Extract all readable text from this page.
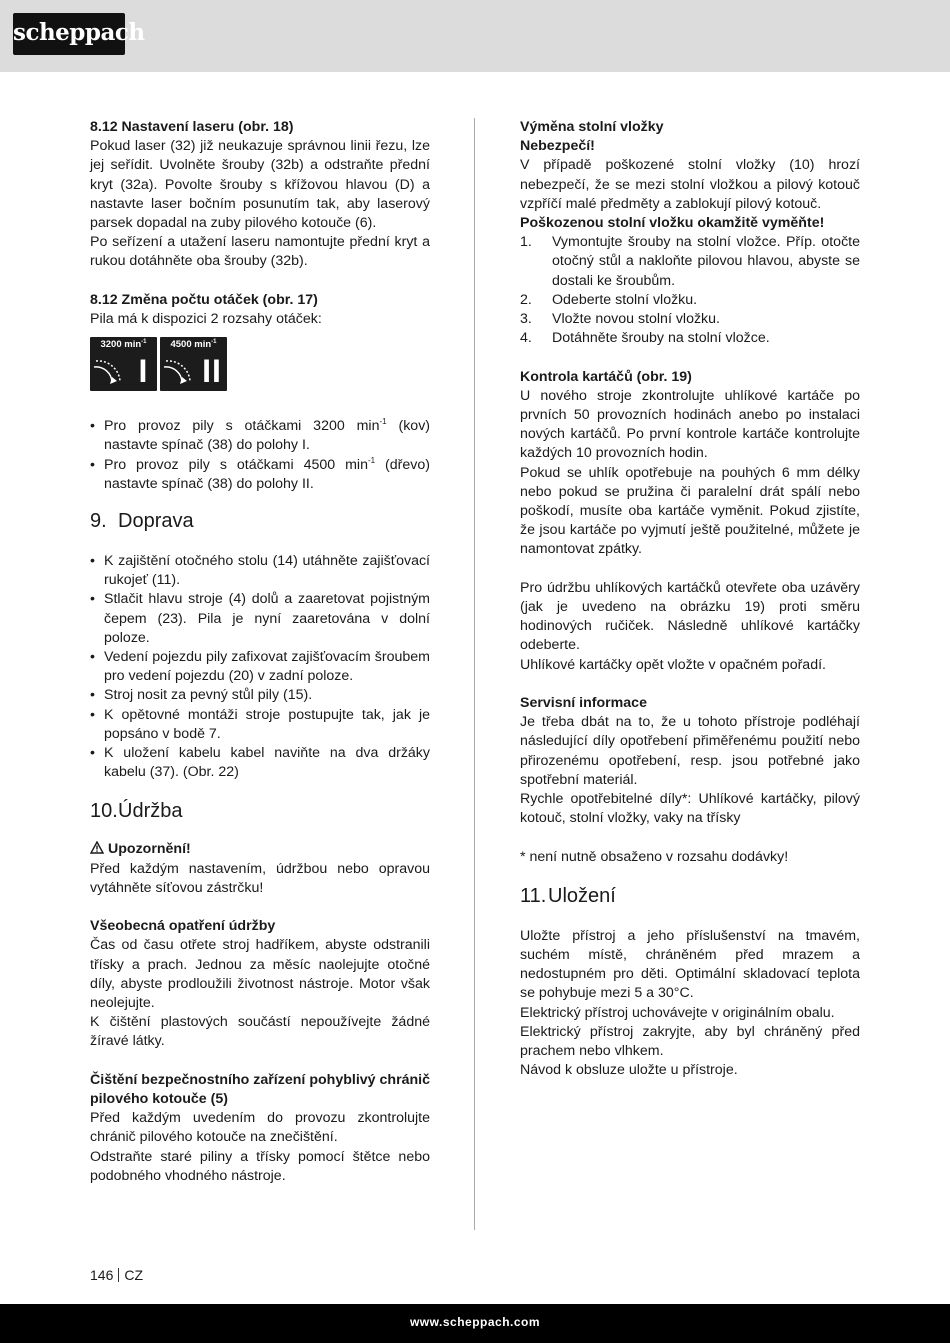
scheppach

8.12 Nastavení laseru (obr. 18)

Pokud laser (32) již neukazuje správnou linii řezu, lze jej seřídit. Uvolněte šrouby (32b) a odstraňte přední kryt (32a). Povolte šrouby s křížovou hlavou (D) a nastavte laser bočním posunutím tak, aby laserový parsek dopadal na zuby pilového kotouče (6).

Po seřízení a utažení laseru namontujte přední kryt a rukou dotáhněte oba šrouby (32b).

8.12 Změna počtu otáček (obr. 17)

Pila má k dispozici 2 rozsahy otáček:

3200 $\min^{-1}$
I
4500 $\min^{-1}$
II
• Pro provoz pily s otáčkami 3200 $\min^{-1} (kov)$ nastavte spínač (38) do polohy I.
• Pro provoz pily s otáčkami 4500 $\min^{-1}$ (dřevo) nastavte spínač (38) do polohy II.

9. Doprava

• K zajištění otočného stolu (14) utáhněte zajišťovací rukojeť (11).
• Stlačit hlavu stroje (4) dolů a zaaretovat pojistným čepem (23). Pila je nyní zaaretována v dolní poloze.
• Vedení pojezdu pily zafixovat zajišťovacím šroubem pro vedení pojezdu (20) v zadní poloze.
• Stroj nosit za pevný stůl pily (15).
• K opětovné montáži stroje postupujte tak, jak je popsáno v bodě 7.
• K uložení kabelu kabel naviňte na dva držáky kabelu (37). (Obr. 22)

10.Údržba

Upozornění!

Před každým nastavením, údržbou nebo opravou vytáhněte síťovou zástrčku!

Všeobecná opatření údržby

Čas od času otřete stroj hadříkem, abyste odstranili třísky a prach. Jednou za měsíc naolejujte otočné díly, abyste prodloužili životnost nástroje. Motor však neolejujte.

K čištění plastových součástí nepoužívejte žádné žíravé látky.

Čištění bezpečnostního zařízení pohyblivý chránič pilového kotouče (5)

Před každým uvedením do provozu zkontrolujte chránič pilového kotouče na znečištění.

Odstraňte staré piliny a třísky pomocí štětce nebo podobného vhodného nástroje.

Výměna stolní vložky

Nebezpečí!

V případě poškozené stolní vložky (10) hrozí nebezpečí, že se mezi stolní vložkou a pilový kotouč vzpříčí malé předměty a zablokují pilový kotouč.

Poškozenou stolní vložku okamžitě vyměňte!

1. Vymontujte šrouby na stolní vložce. Příp. otočte otočný stůl a nakloňte pilovou hlavou, abyste se dostali ke šroubům.
2. Odeberte stolní vložku.
3. Vložte novou stolní vložku.
4. Dotáhněte šrouby na stolní vložce.

Kontrola kartáčů (obr. 19)

U nového stroje zkontrolujte uhlíkové kartáče po prvních 50 provozních hodinách anebo po instalaci nových kartáčů. Po první kontrole kartáče kontrolujte každých 10 provozních hodin.

Pokud se uhlík opotřebuje na pouhých 6 mm délky nebo pokud se pružina či paralelní drát spálí nebo poškodí, musíte oba kartáče vyměnit. Pokud zjistíte, že jsou kartáče po vyjmutí ještě použitelné, můžete je namontovat zpátky.

Pro údržbu uhlíkových kartáčků otevřete oba uzávěry (jak je uvedeno na obrázku 19) proti směru hodinových ručiček. Následně uhlíkové kartáčky odeberte.

Uhlíkové kartáčky opět vložte v opačném pořadí.

Servisní informace

Je třeba dbát na to, že u tohoto přístroje podléhají následující díly opotřebení přiměřenému použití nebo přirozenému opotřebení, resp. jsou potřebné jako spotřební materiál.

Rychle opotřebitelné díly*: Uhlíkové kartáčky, pilový kotouč, stolní vložky, vaky na třísky

* není nutně obsaženo v rozsahu dodávky!

11.Uložení

Uložte přístroj a jeho příslušenství na tmavém, suchém místě, chráněném před mrazem a nedostupném pro děti. Optimální skladovací teplota se pohybuje mezi 5 a 30°C.

Elektrický přístroj uchovávejte v originálním obalu.

Elektrický přístroj zakryjte, aby byl chráněný před prachem nebo vlhkem.

Návod k obsluze uložte u přístroje.

146 CZ
www.scheppach.com
